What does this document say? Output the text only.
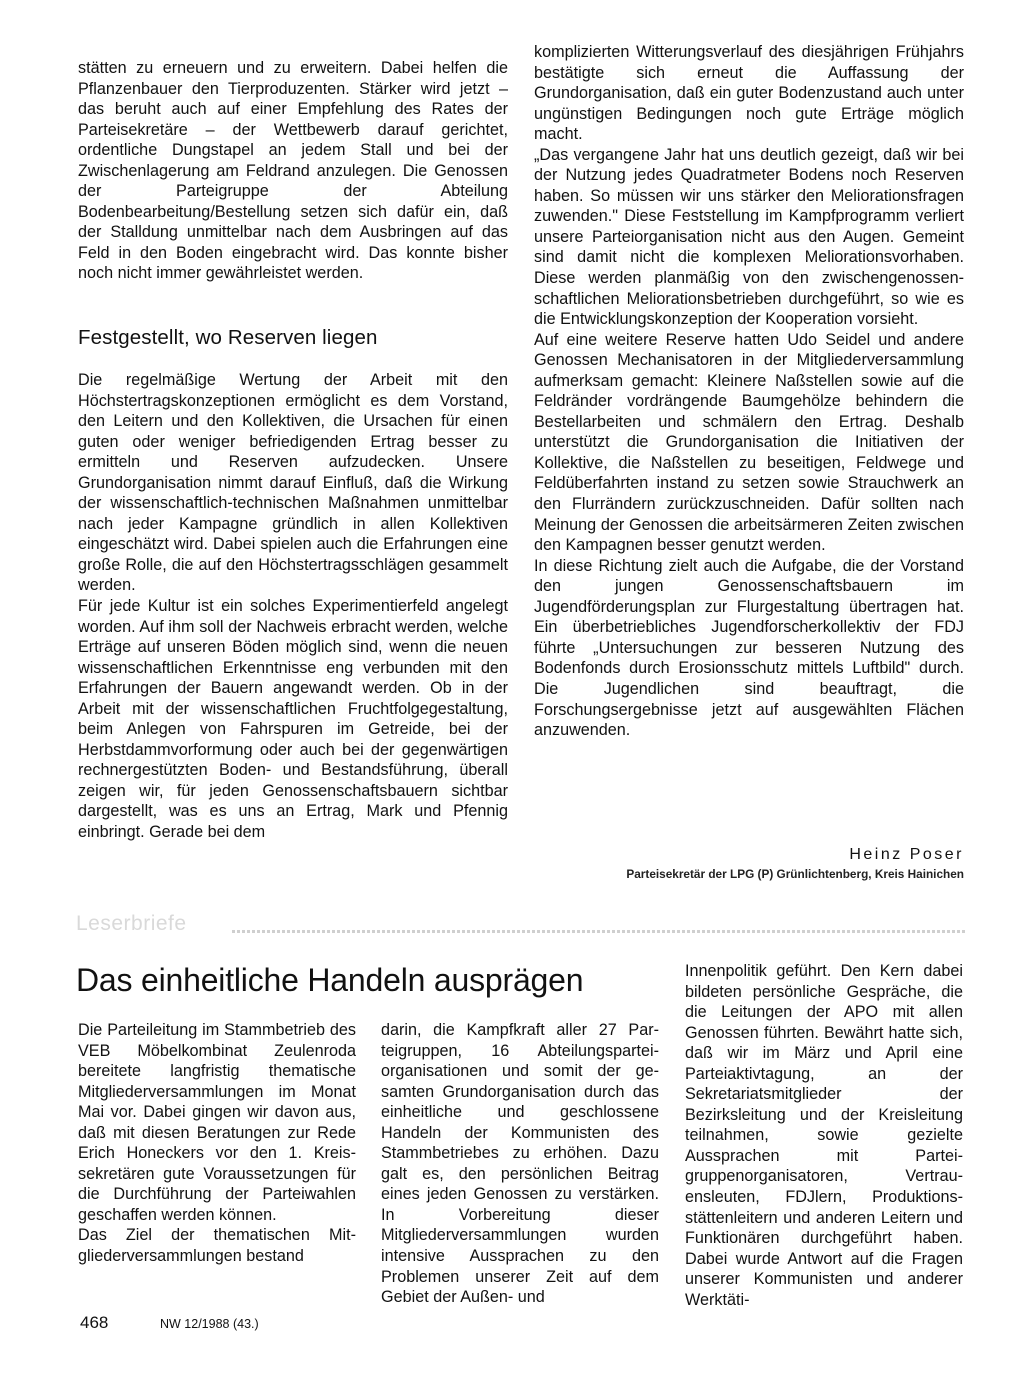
stätten zu erneuern und zu erweitern. Dabei helfen die Pflanzenbauer den Tierproduzenten. Stärker wird jetzt – das beruht auch auf einer Empfehlung des Rates der Parteisekretäre – der Wettbewerb darauf gerichtet, ordentliche Dungstapel an jedem Stall und bei der Zwischenlagerung am Feldrand anzulegen. Die Genossen der Parteigruppe der Abteilung Bodenbearbeitung/Bestellung setzen sich dafür ein, daß der Stalldung unmittelbar nach dem Ausbringen auf das Feld in den Boden eingebracht wird. Das konnte bisher noch nicht immer gewährleistet werden.

Festgestellt, wo Reserven liegen

Die regelmäßige Wertung der Arbeit mit den Höchstertragskonzeptionen ermöglicht es dem Vorstand, den Leitern und den Kollektiven, die Ursachen für einen guten oder weniger befriedigenden Ertrag besser zu ermitteln und Reserven aufzudecken. Unsere Grundorganisation nimmt darauf Einfluß, daß die Wirkung der wissenschaftlich-technischen Maßnahmen unmittelbar nach jeder Kampagne gründlich in allen Kollektiven eingeschätzt wird. Dabei spielen auch die Erfahrungen eine große Rolle, die auf den Höchstertragsschlägen gesammelt werden.

Für jede Kultur ist ein solches Experimentierfeld angelegt worden. Auf ihm soll der Nachweis erbracht werden, welche Erträge auf unseren Böden möglich sind, wenn die neuen wissenschaftlichen Erkenntnisse eng verbunden mit den Erfahrungen der Bauern angewandt werden. Ob in der Arbeit mit der wissenschaftlichen Fruchtfolgegestaltung, beim Anlegen von Fahrspuren im Getreide, bei der Herbstdammvorformung oder auch bei der gegenwärtigen rechnergestützten Boden- und Bestandsführung, überall zeigen wir, für jeden Genossenschaftsbauern sichtbar dargestellt, was es uns an Ertrag, Mark und Pfennig einbringt. Gerade bei dem

komplizierten Witterungsverlauf des diesjährigen Frühjahrs bestätigte sich erneut die Auffassung der Grundorganisation, daß ein guter Bodenzustand auch unter ungünstigen Bedingungen noch gute Erträge möglich macht.

„Das vergangene Jahr hat uns deutlich gezeigt, daß wir bei der Nutzung jedes Quadratmeter Bodens noch Reserven haben. So müssen wir uns stärker den Meliorationsfragen zuwenden." Diese Feststellung im Kampfprogramm verliert unsere Parteiorganisation nicht aus den Augen. Gemeint sind damit nicht die komplexen Meliorationsvorhaben. Diese werden planmäßig von den zwischengenossenschaftlichen Meliorationsbetrieben durchgeführt, so wie es die Entwicklungskonzeption der Kooperation vorsieht.

Auf eine weitere Reserve hatten Udo Seidel und andere Genossen Mechanisatoren in der Mitgliederversammlung aufmerksam gemacht: Kleinere Naßstellen sowie auf die Feldränder vordrängende Baumgehölze behindern die Bestellarbeiten und schmälern den Ertrag. Deshalb unterstützt die Grundorganisation die Initiativen der Kollektive, die Naßstellen zu beseitigen, Feldwege und Feldüberfahrten instand zu setzen sowie Strauchwerk an den Flurrändern zurückzuschneiden. Dafür sollten nach Meinung der Genossen die arbeitsärmeren Zeiten zwischen den Kampagnen besser genutzt werden.

In diese Richtung zielt auch die Aufgabe, die der Vorstand den jungen Genossenschaftsbauern im Jugendförderungsplan zur Flurgestaltung übertragen hat. Ein überbetriebliches Jugendforscherkollektiv der FDJ führte „Untersuchungen zur besseren Nutzung des Bodenfonds durch Erosionsschutz mittels Luftbild" durch. Die Jugendlichen sind beauftragt, die Forschungsergebnisse jetzt auf ausgewählten Flächen anzuwenden.

Heinz Poser
Parteisekretär der LPG (P) Grünlichtenberg, Kreis Hainichen
Leserbriefe
Das einheitliche Handeln ausprägen

Die Parteileitung im Stammbetrieb des VEB Möbelkombinat Zeulenroda bereitete langfristig thematische Mitgliederversammlungen im Monat Mai vor. Dabei gingen wir davon aus, daß mit diesen Beratungen zur Rede Erich Honeckers vor den 1. Kreissekretären gute Voraussetzungen für die Durchführung der Parteiwahlen geschaffen werden können.

Das Ziel der thematischen Mitgliederversammlungen bestand

darin, die Kampfkraft aller 27 Parteigruppen, 16 Abteilungsparteiorganisationen und somit der gesamten Grundorganisation durch das einheitliche und geschlossene Handeln der Kommunisten des Stammbetriebes zu erhöhen. Dazu galt es, den persönlichen Beitrag eines jeden Genossen zu verstärken. In Vorbereitung dieser Mitgliederversammlungen wurden intensive Aussprachen zu den Problemen unserer Zeit auf dem Gebiet der Außen- und

Innenpolitik geführt. Den Kern dabei bildeten persönliche Gespräche, die die Leitungen der APO mit allen Genossen führten. Bewährt hatte sich, daß wir im März und April eine Parteiaktivtagung, an der Sekretariatsmitglieder der Bezirksleitung und der Kreisleitung teilnahmen, sowie gezielte Aussprachen mit Parteigruppenorganisatoren, Vertrauensleuten, FDJlern, Produktionsstättenleitern und anderen Leitern und Funktionären durchgeführt haben. Dabei wurde Antwort auf die Fragen unserer Kommunisten und anderer Werktäti-

468	NW 12/1988 (43.)
